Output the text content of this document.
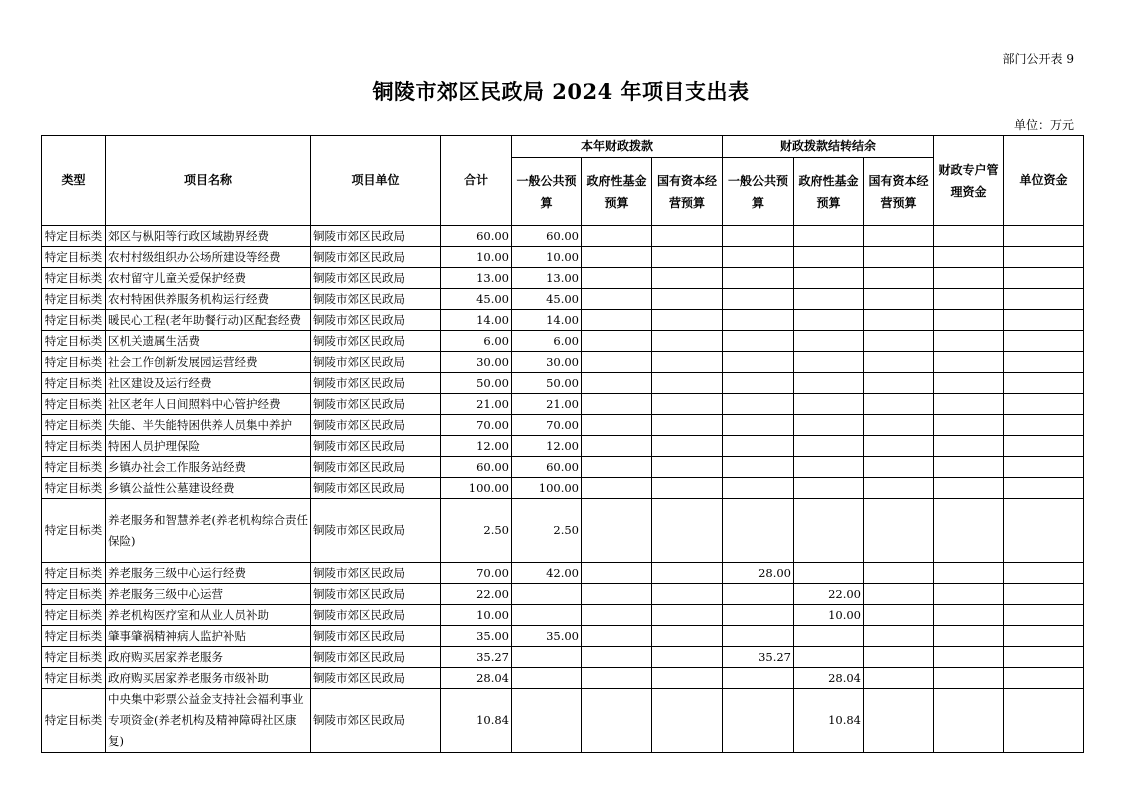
部门公开表 9
铜陵市郊区民政局 2024 年项目支出表
单位：万元
类型	项目名称	项目单位	合计	本年财政拨款			财政拨款结转结余			财政专户管理资金	单位资金
				一般公共预算	政府性基金预算	国有资本经营预算	一般公共预算	政府性基金预算	国有资本经营预算		
特定目标类	郊区与枞阳等行政区域勘界经费	铜陵市郊区民政局	60.00	60.00							
特定目标类	农村村级组织办公场所建设等经费	铜陵市郊区民政局	10.00	10.00							
特定目标类	农村留守儿童关爱保护经费	铜陵市郊区民政局	13.00	13.00							
特定目标类	农村特困供养服务机构运行经费	铜陵市郊区民政局	45.00	45.00							
特定目标类	暖民心工程(老年助餐行动)区配套经费	铜陵市郊区民政局	14.00	14.00							
特定目标类	区机关遗属生活费	铜陵市郊区民政局	6.00	6.00							
特定目标类	社会工作创新发展园运营经费	铜陵市郊区民政局	30.00	30.00							
特定目标类	社区建设及运行经费	铜陵市郊区民政局	50.00	50.00							
特定目标类	社区老年人日间照料中心管护经费	铜陵市郊区民政局	21.00	21.00							
特定目标类	失能、半失能特困供养人员集中养护	铜陵市郊区民政局	70.00	70.00							
特定目标类	特困人员护理保险	铜陵市郊区民政局	12.00	12.00							
特定目标类	乡镇办社会工作服务站经费	铜陵市郊区民政局	60.00	60.00							
特定目标类	乡镇公益性公墓建设经费	铜陵市郊区民政局	100.00	100.00							
特定目标类	养老服务和智慧养老(养老机构综合责任保险)	铜陵市郊区民政局	2.50	2.50							
特定目标类	养老服务三级中心运行经费	铜陵市郊区民政局	70.00	42.00			28.00				
特定目标类	养老服务三级中心运营	铜陵市郊区民政局	22.00					22.00			
特定目标类	养老机构医疗室和从业人员补助	铜陵市郊区民政局	10.00					10.00			
特定目标类	肇事肇祸精神病人监护补贴	铜陵市郊区民政局	35.00	35.00							
特定目标类	政府购买居家养老服务	铜陵市郊区民政局	35.27				35.27				
特定目标类	政府购买居家养老服务市级补助	铜陵市郊区民政局	28.04					28.04			
特定目标类	中央集中彩票公益金支持社会福利事业专项资金(养老机构及精神障碍社区康复)	铜陵市郊区民政局	10.84					10.84			
